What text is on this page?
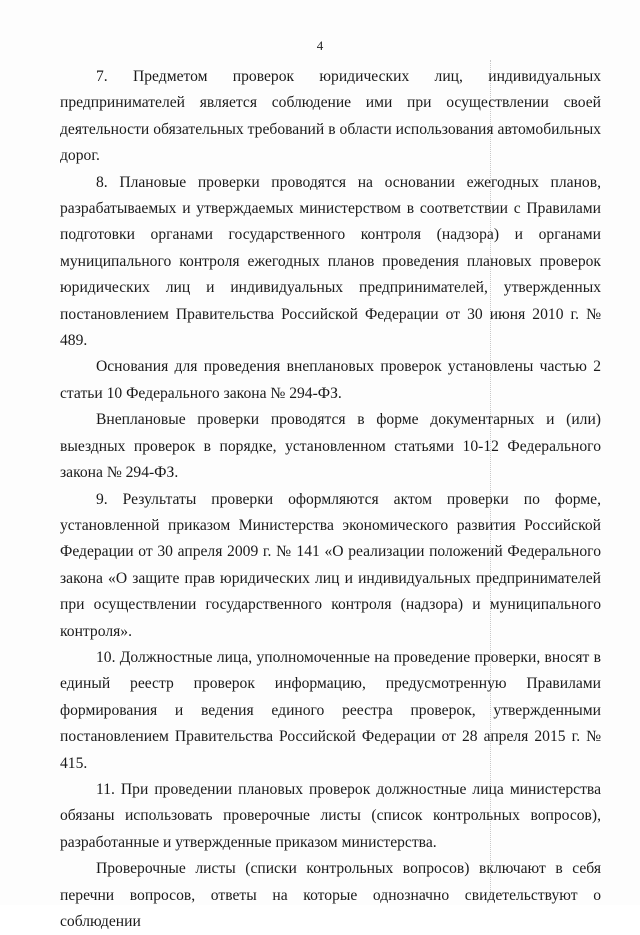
4

7. Предметом проверок юридических лиц, индивидуальных предпринимателей является соблюдение ими при осуществлении своей деятельности обязательных требований в области использования автомобильных дорог.

8. Плановые проверки проводятся на основании ежегодных планов, разрабатываемых и утверждаемых министерством в соответствии с Правилами подготовки органами государственного контроля (надзора) и органами муниципального контроля ежегодных планов проведения плановых проверок юридических лиц и индивидуальных предпринимателей, утвержденных постановлением Правительства Российской Федерации от 30 июня 2010 г. № 489.

Основания для проведения внеплановых проверок установлены частью 2 статьи 10 Федерального закона № 294-ФЗ.

Внеплановые проверки проводятся в форме документарных и (или) выездных проверок в порядке, установленном статьями 10-12 Федерального закона № 294-ФЗ.

9. Результаты проверки оформляются актом проверки по форме, установленной приказом Министерства экономического развития Российской Федерации от 30 апреля 2009 г. № 141 «О реализации положений Федерального закона «О защите прав юридических лиц и индивидуальных предпринимателей при осуществлении государственного контроля (надзора) и муниципального контроля».

10. Должностные лица, уполномоченные на проведение проверки, вносят в единый реестр проверок информацию, предусмотренную Правилами формирования и ведения единого реестра проверок, утвержденными постановлением Правительства Российской Федерации от 28 апреля 2015 г. № 415.

11. При проведении плановых проверок должностные лица министерства обязаны использовать проверочные листы (список контрольных вопросов), разработанные и утвержденные приказом министерства.

Проверочные листы (списки контрольных вопросов) включают в себя перечни вопросов, ответы на которые однозначно свидетельствуют о соблюдении
